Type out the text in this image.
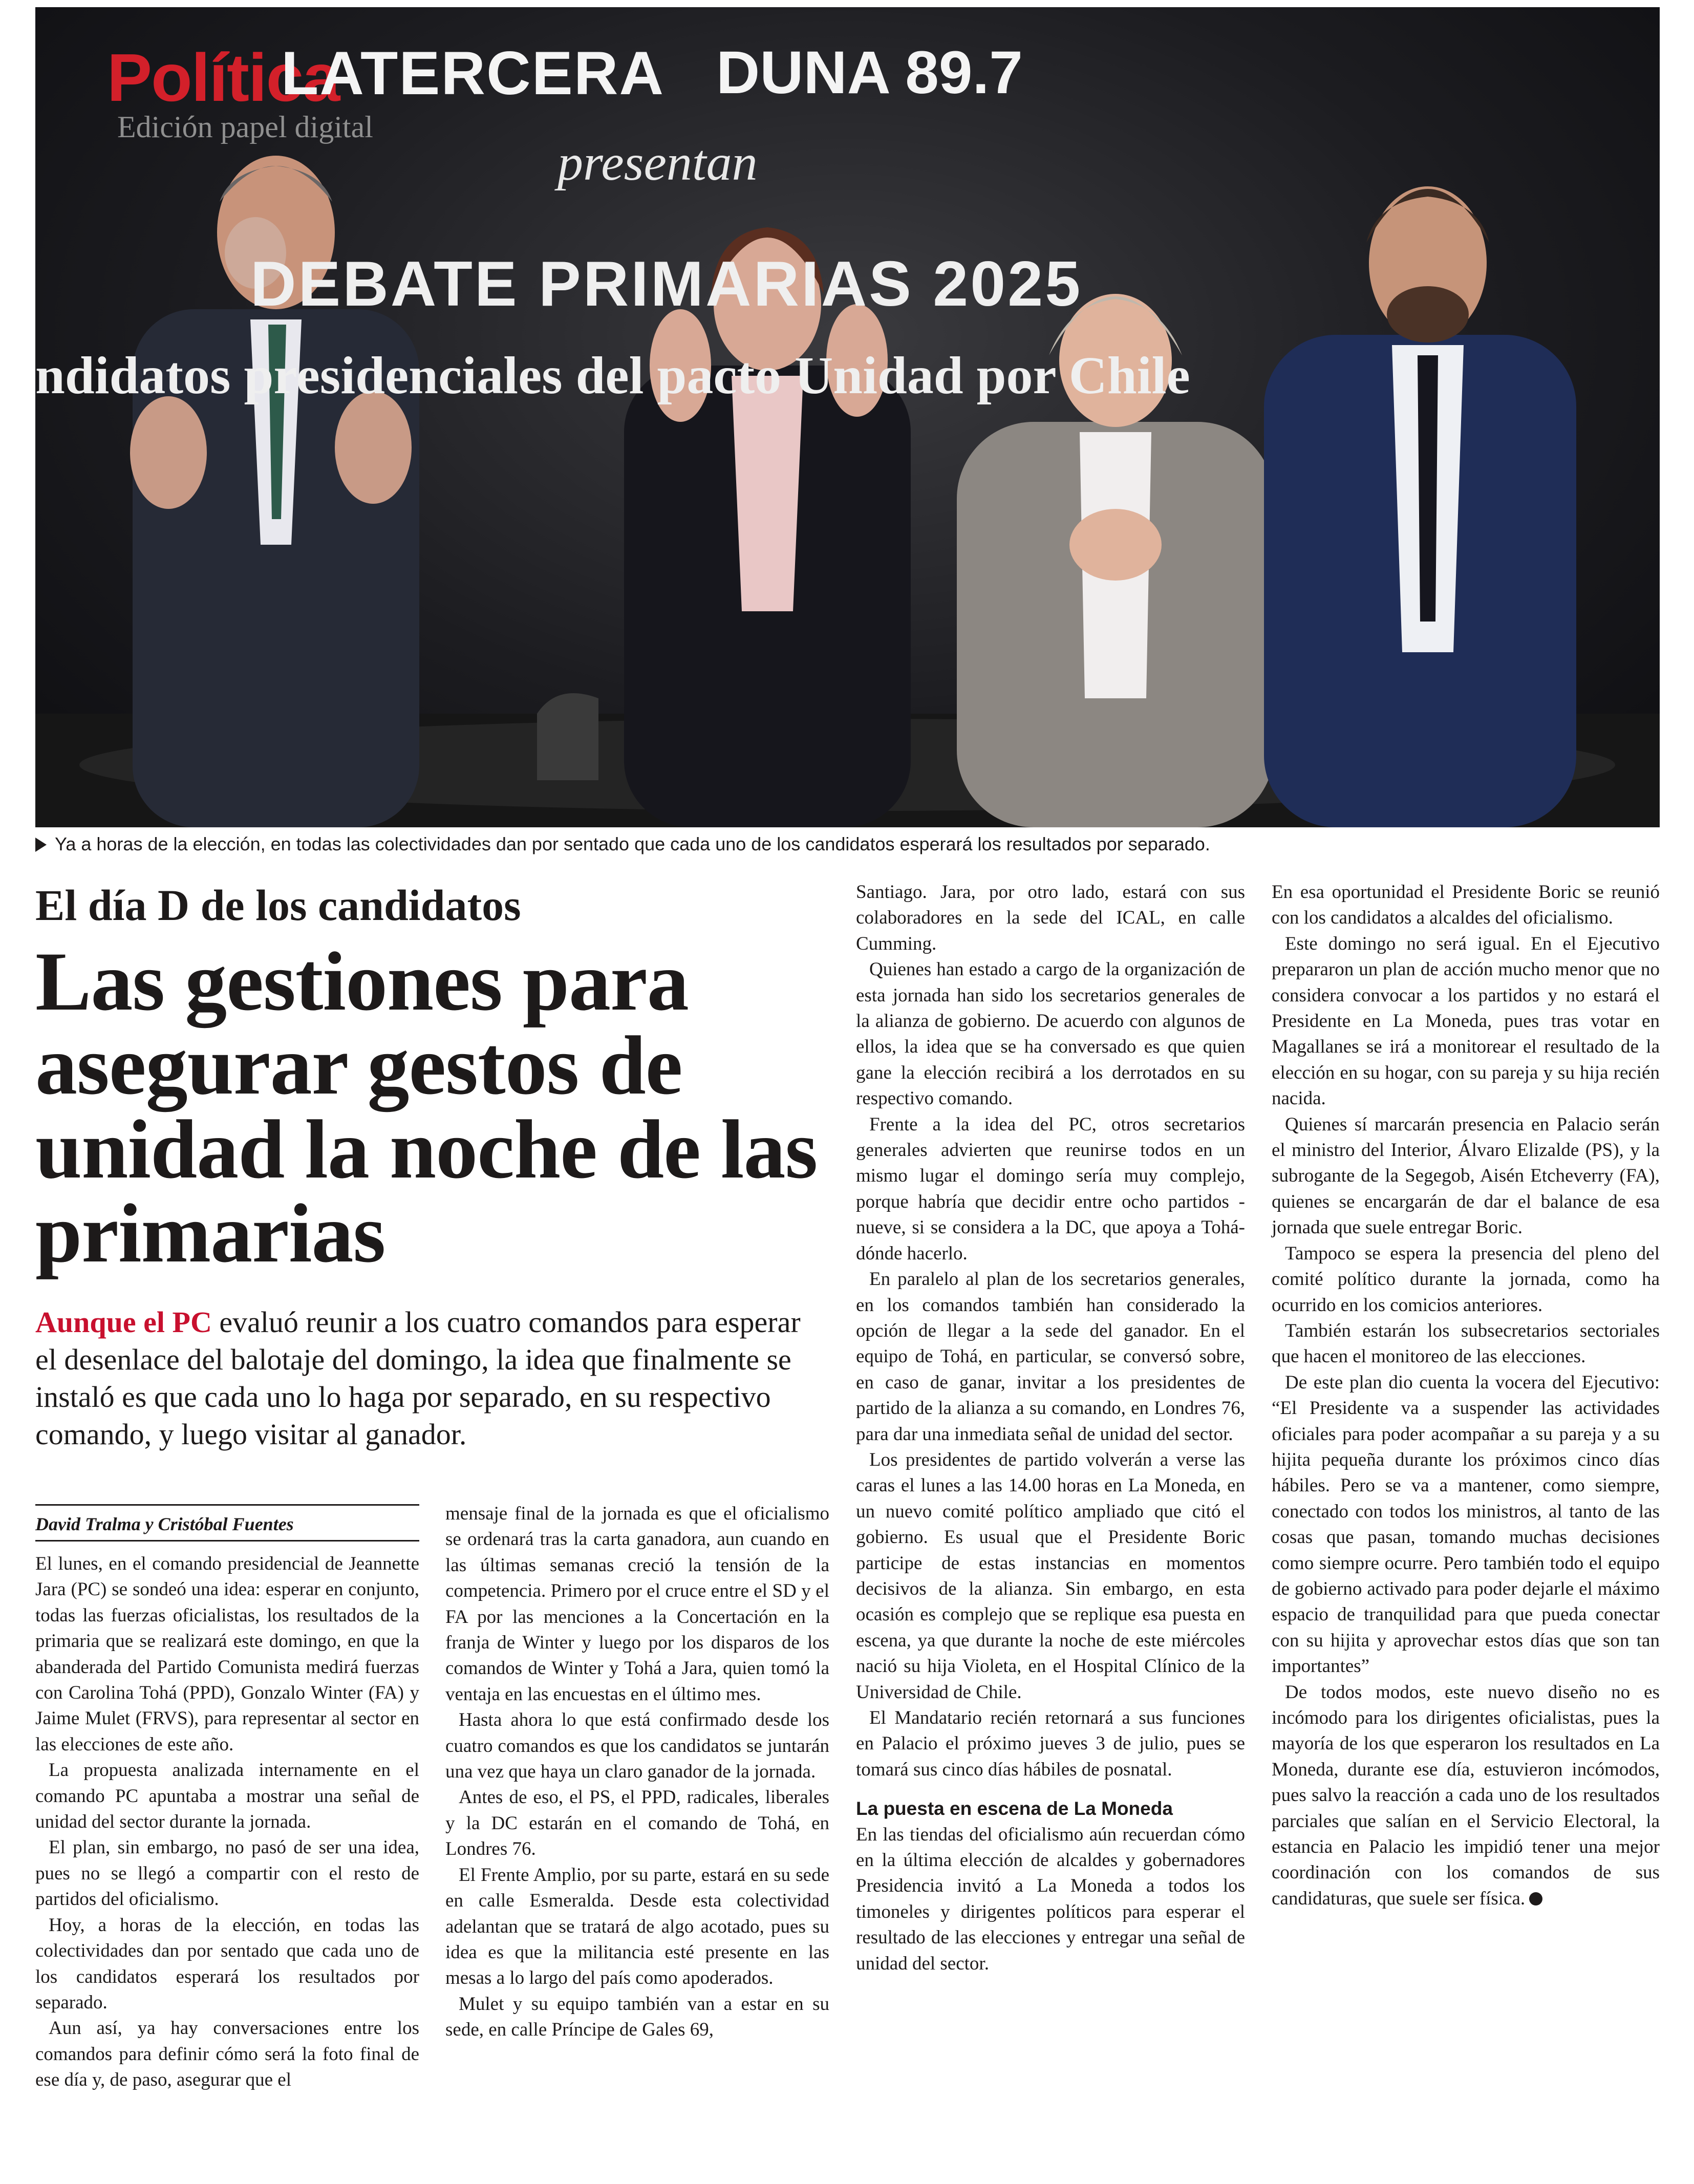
Política
Edición papel digital
LATERCERA DUNA 89.7
presentan
DEBATE PRIMARIAS 2025
ndidatos presidenciales del pacto Unidad por Chile
Ya a horas de la elección, en todas las colectividades dan por sentado que cada uno de los candidatos esperará los resultados por separado.
El día D de los candidatos
Las gestiones para asegurar gestos de unidad la noche de las primarias

Aunque el PC evaluó reunir a los cuatro comandos para esperar el desenlace del balotaje del domingo, la idea que finalmente se instaló es que cada uno lo haga por separado, en su respectivo comando, y luego visitar al ganador.

David Tralma y Cristóbal Fuentes

El lunes, en el comando presidencial de Jeannette Jara (PC) se sondeó una idea: esperar en conjunto, todas las fuerzas oficialistas, los resultados de la primaria que se realizará este domingo, en que la abanderada del Partido Comunista medirá fuerzas con Carolina Tohá (PPD), Gonzalo Winter (FA) y Jaime Mulet (FRVS), para representar al sector en las elecciones de este año.

La propuesta analizada internamente en el comando PC apuntaba a mostrar una señal de unidad del sector durante la jornada.

El plan, sin embargo, no pasó de ser una idea, pues no se llegó a compartir con el resto de partidos del oficialismo.

Hoy, a horas de la elección, en todas las colectividades dan por sentado que cada uno de los candidatos esperará los resultados por separado.

Aun así, ya hay conversaciones entre los comandos para definir cómo será la foto final de ese día y, de paso, asegurar que el

mensaje final de la jornada es que el oficialismo se ordenará tras la carta ganadora, aun cuando en las últimas semanas creció la tensión de la competencia. Primero por el cruce entre el SD y el FA por las menciones a la Concertación en la franja de Winter y luego por los disparos de los comandos de Winter y Tohá a Jara, quien tomó la ventaja en las encuestas en el último mes.

Hasta ahora lo que está confirmado desde los cuatro comandos es que los candidatos se juntarán una vez que haya un claro ganador de la jornada.

Antes de eso, el PS, el PPD, radicales, liberales y la DC estarán en el comando de Tohá, en Londres 76.

El Frente Amplio, por su parte, estará en su sede en calle Esmeralda. Desde esta colectividad adelantan que se tratará de algo acotado, pues su idea es que la militancia esté presente en las mesas a lo largo del país como apoderados.

Mulet y su equipo también van a estar en su sede, en calle Príncipe de Gales 69,

Santiago. Jara, por otro lado, estará con sus colaboradores en la sede del ICAL, en calle Cumming.

Quienes han estado a cargo de la organización de esta jornada han sido los secretarios generales de la alianza de gobierno. De acuerdo con algunos de ellos, la idea que se ha conversado es que quien gane la elección recibirá a los derrotados en su respectivo comando.

Frente a la idea del PC, otros secretarios generales advierten que reunirse todos en un mismo lugar el domingo sería muy complejo, porque habría que decidir entre ocho partidos -nueve, si se considera a la DC, que apoya a Tohá- dónde hacerlo.

En paralelo al plan de los secretarios generales, en los comandos también han considerado la opción de llegar a la sede del ganador. En el equipo de Tohá, en particular, se conversó sobre, en caso de ganar, invitar a los presidentes de partido de la alianza a su comando, en Londres 76, para dar una inmediata señal de unidad del sector.

Los presidentes de partido volverán a verse las caras el lunes a las 14.00 horas en La Moneda, en un nuevo comité político ampliado que citó el gobierno. Es usual que el Presidente Boric participe de estas instancias en momentos decisivos de la alianza. Sin embargo, en esta ocasión es complejo que se replique esa puesta en escena, ya que durante la noche de este miércoles nació su hija Violeta, en el Hospital Clínico de la Universidad de Chile.

El Mandatario recién retornará a sus funciones en Palacio el próximo jueves 3 de julio, pues se tomará sus cinco días hábiles de posnatal.

La puesta en escena de La Moneda

En las tiendas del oficialismo aún recuerdan cómo en la última elección de alcaldes y gobernadores Presidencia invitó a La Moneda a todos los timoneles y dirigentes políticos para esperar el resultado de las elecciones y entregar una señal de unidad del sector.

En esa oportunidad el Presidente Boric se reunió con los candidatos a alcaldes del oficialismo.

Este domingo no será igual. En el Ejecutivo prepararon un plan de acción mucho menor que no considera convocar a los partidos y no estará el Presidente en La Moneda, pues tras votar en Magallanes se irá a monitorear el resultado de la elección en su hogar, con su pareja y su hija recién nacida.

Quienes sí marcarán presencia en Palacio serán el ministro del Interior, Álvaro Elizalde (PS), y la subrogante de la Segegob, Aisén Etcheverry (FA), quienes se encargarán de dar el balance de esa jornada que suele entregar Boric.

Tampoco se espera la presencia del pleno del comité político durante la jornada, como ha ocurrido en los comicios anteriores.

También estarán los subsecretarios sectoriales que hacen el monitoreo de las elecciones.

De este plan dio cuenta la vocera del Ejecutivo: “El Presidente va a suspender las actividades oficiales para poder acompañar a su pareja y a su hijita pequeña durante los próximos cinco días hábiles. Pero se va a mantener, como siempre, conectado con todos los ministros, al tanto de las cosas que pasan, tomando muchas decisiones como siempre ocurre. Pero también todo el equipo de gobierno activado para poder dejarle el máximo espacio de tranquilidad para que pueda conectar con su hijita y aprovechar estos días que son tan importantes”

De todos modos, este nuevo diseño no es incómodo para los dirigentes oficialistas, pues la mayoría de los que esperaron los resultados en La Moneda, durante ese día, estuvieron incómodos, pues salvo la reacción a cada uno de los resultados parciales que salían en el Servicio Electoral, la estancia en Palacio les impidió tener una mejor coordinación con los comandos de sus candidaturas, que suele ser física.
